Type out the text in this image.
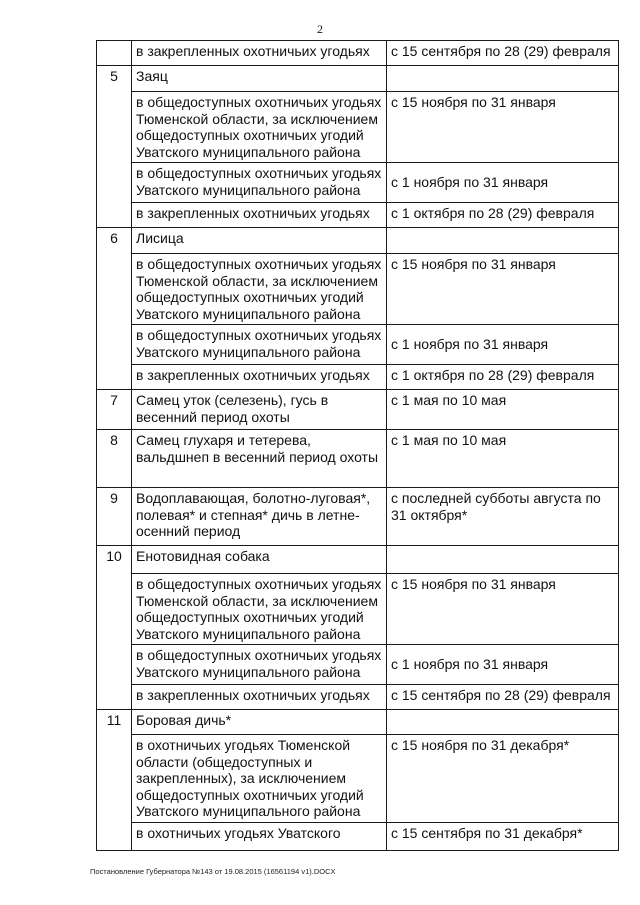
2
	в закрепленных охотничьих угодьях	с 15 сентября по 28 (29) февраля
5	Заяц	
	в общедоступных охотничьих угодьях Тюменской области, за исключением общедоступных охотничьих угодий Уватского муниципального района	с 15 ноября по 31 января
	в общедоступных охотничьих угодьях Уватского муниципального района	с 1 ноября по 31 января
	в закрепленных охотничьих угодьях	с 1 октября по 28 (29) февраля
6	Лисица	
	в общедоступных охотничьих угодьях Тюменской области, за исключением общедоступных охотничьих угодий Уватского муниципального района	с 15 ноября по 31 января
	в общедоступных охотничьих угодьях Уватского муниципального района	с 1 ноября по 31 января
	в закрепленных охотничьих угодьях	с 1 октября по 28 (29) февраля
7	Самец уток (селезень), гусь в весенний период охоты	с 1 мая по 10 мая
8	Самец глухаря и тетерева, вальдшнеп в весенний период охоты	с 1 мая по 10 мая
9	Водоплавающая, болотно-луговая*, полевая* и степная* дичь в летне-осенний период	с последней субботы августа по 31 октября*
10	Енотовидная собака	
	в общедоступных охотничьих угодьях Тюменской области, за исключением общедоступных охотничьих угодий Уватского муниципального района	с 15 ноября по 31 января
	в общедоступных охотничьих угодьях Уватского муниципального района	с 1 ноября по 31 января
	в закрепленных охотничьих угодьях	с 15 сентября по 28 (29) февраля
11	Боровая дичь*	
	в охотничьих угодьях Тюменской области (общедоступных и закрепленных), за исключением общедоступных охотничьих угодий Уватского муниципального района	с 15 ноября по 31 декабря*
	в охотничьих угодьях Уватского	с 15 сентября по 31 декабря*
Постановление Губернатора №143 от 19.08.2015 (16561194 v1).DOCX
